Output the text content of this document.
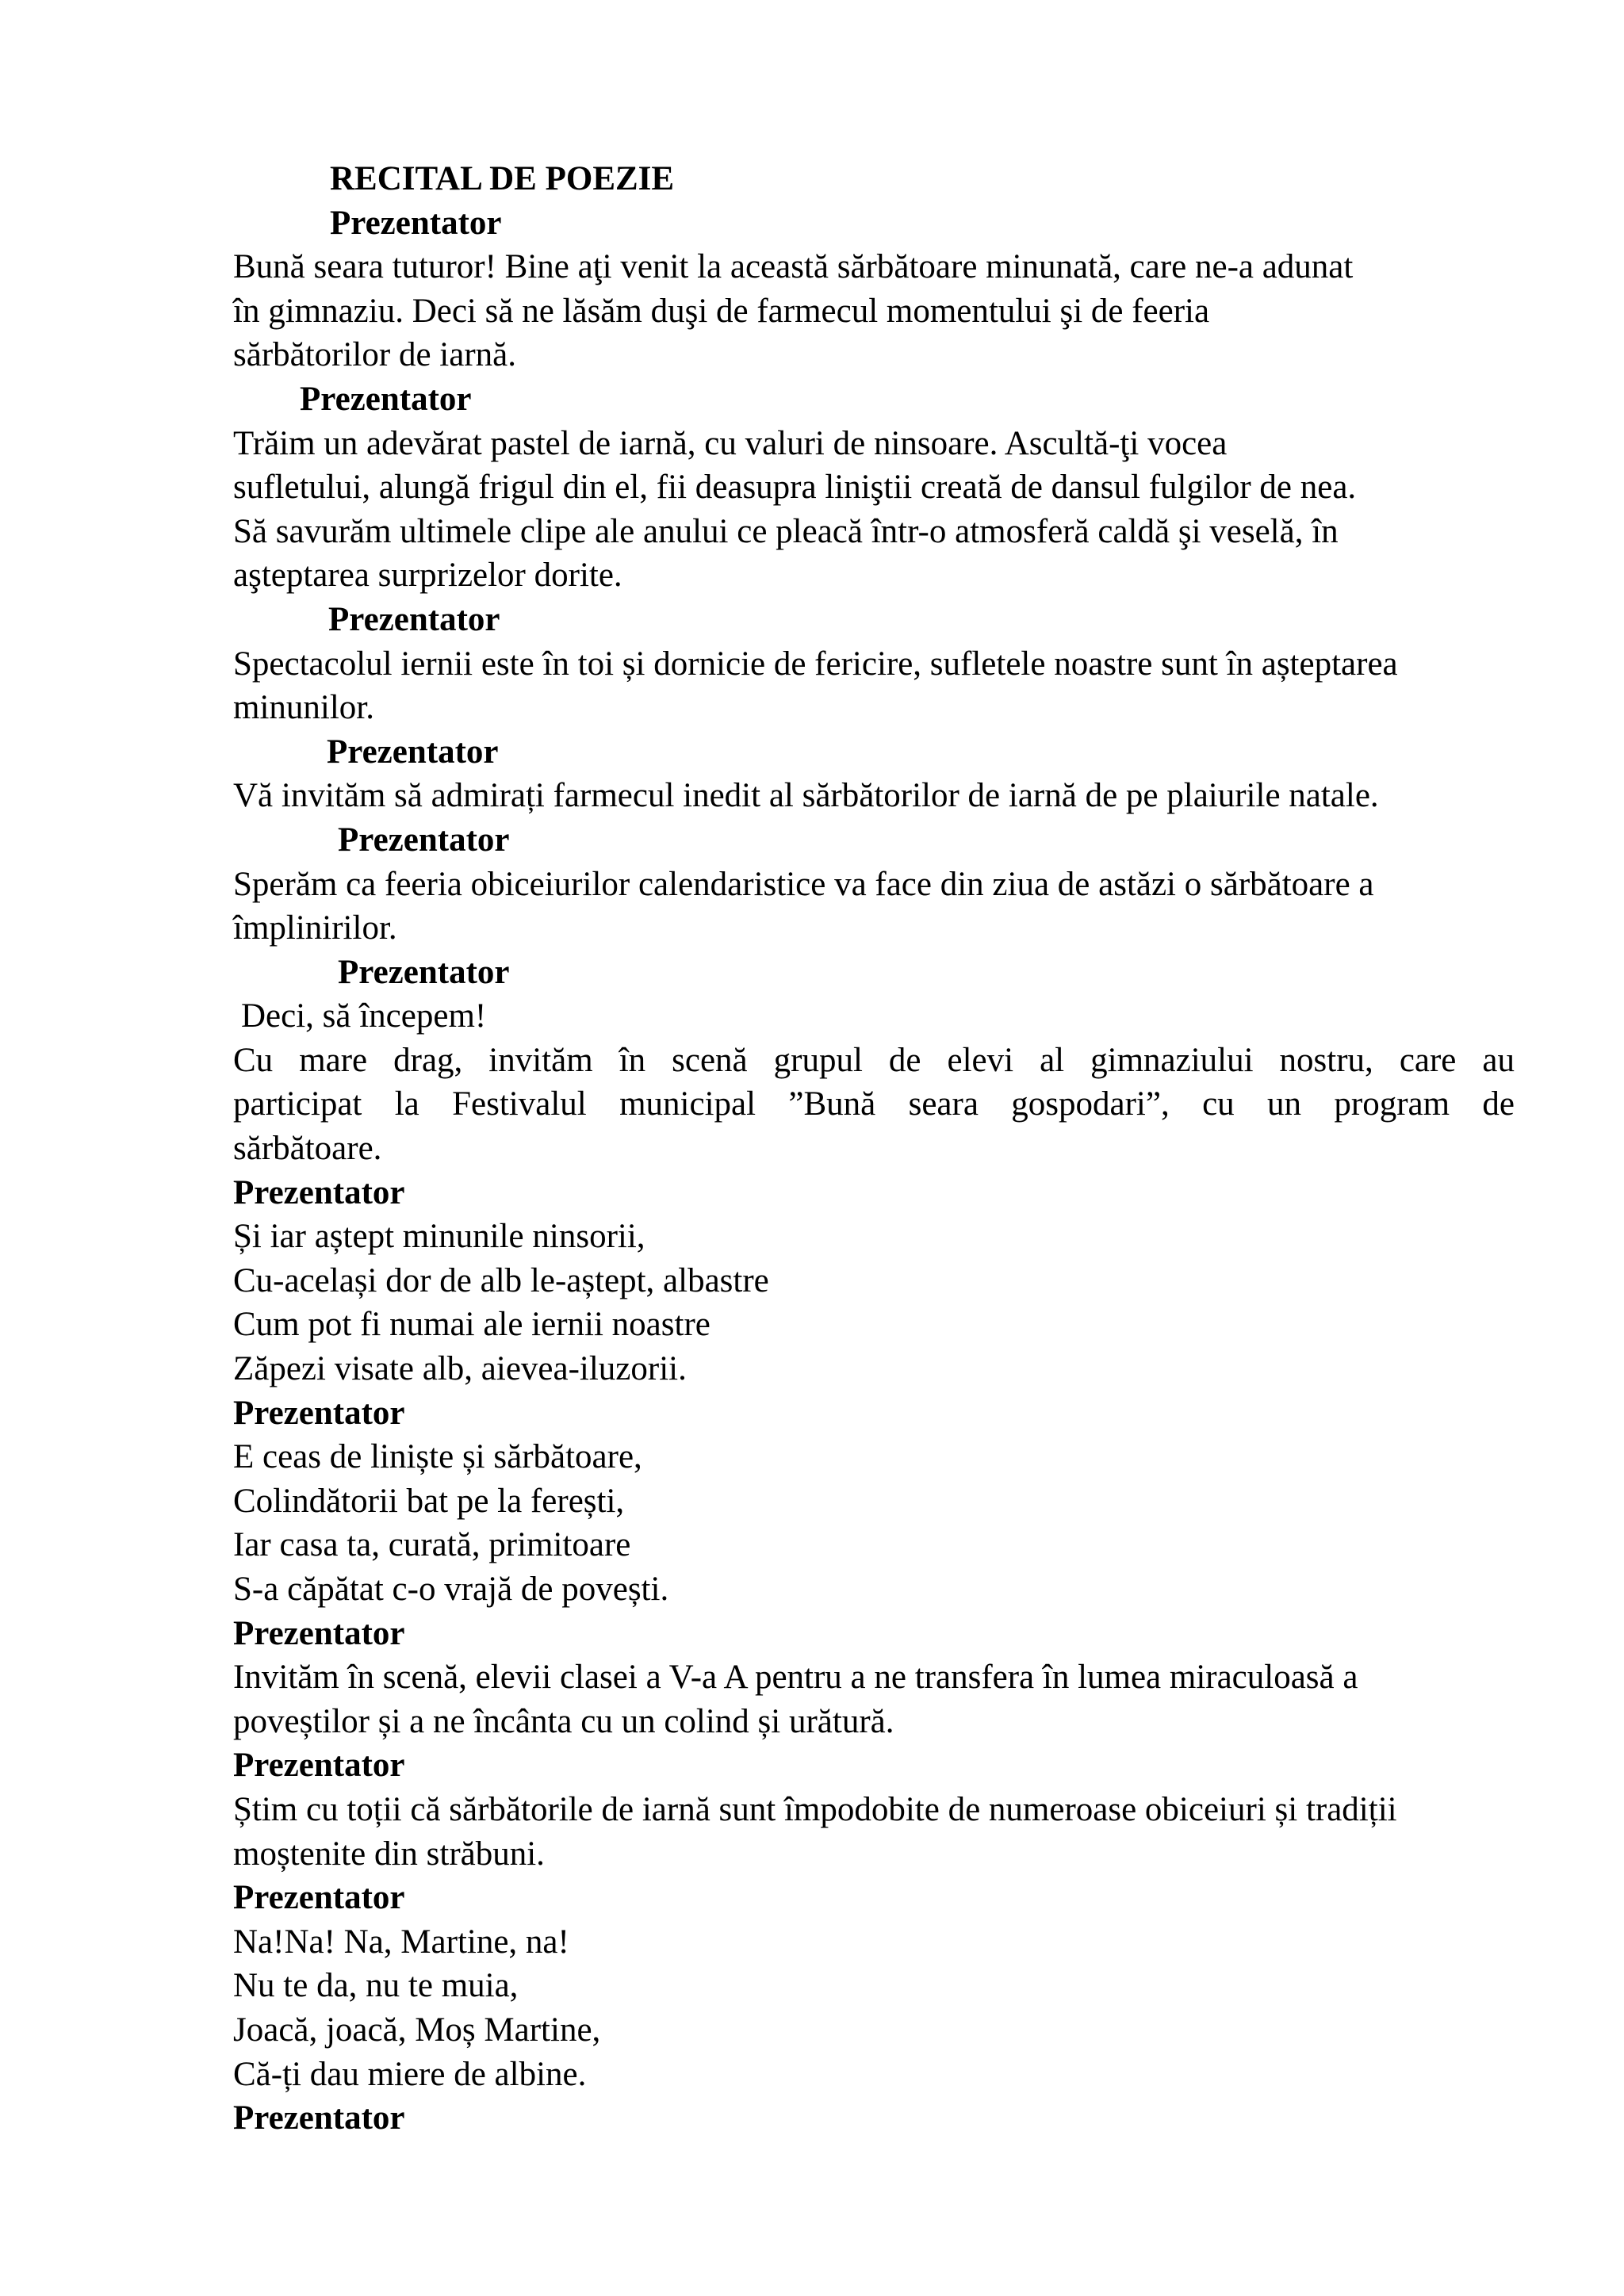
RECITAL DE POEZIE
Prezentator
Bună seara tuturor! Bine aţi venit la această sărbătoare minunată, care ne-a adunat
în gimnaziu. Deci să ne lăsăm duşi de farmecul momentului şi de feeria
sărbătorilor de iarnă.
Prezentator
Trăim un adevărat pastel de iarnă, cu valuri de ninsoare. Ascultă-ţi vocea
sufletului, alungă frigul din el, fii deasupra liniştii creată de dansul fulgilor de nea.
Să savurăm ultimele clipe ale anului ce pleacă într-o atmosferă caldă şi veselă, în
aşteptarea surprizelor dorite.
Prezentator
Spectacolul iernii este în toi și dornicie de fericire, sufletele noastre sunt în așteptarea
minunilor.
Prezentator
Vă invităm să admirați farmecul inedit al sărbătorilor de iarnă de pe plaiurile natale.
Prezentator
Sperăm ca feeria obiceiurilor calendaristice va face din ziua de astăzi o sărbătoare a
împlinirilor.
Prezentator
Deci, să începem!
Cu mare drag, invităm în scenă grupul de elevi al gimnaziului nostru, care au
participat la Festivalul municipal ”Bună seara gospodari”, cu un program de
sărbătoare.
Prezentator
Și iar aștept minunile ninsorii,
Cu-același dor de alb le-aștept, albastre
Cum pot fi numai ale iernii noastre
Zăpezi visate alb, aievea-iluzorii.
Prezentator
E ceas de liniște și sărbătoare,
Colindătorii bat pe la ferești,
Iar casa ta, curată, primitoare
S-a căpătat c-o vrajă de povești.
Prezentator
Invităm în scenă, elevii clasei a V-a A pentru a ne transfera în lumea miraculoasă a
poveștilor și a ne încânta cu un colind și urătură.
Prezentator
Știm cu toții că sărbătorile de iarnă sunt împodobite de numeroase obiceiuri și tradiții
moștenite din străbuni.
Prezentator
Na!Na! Na, Martine, na!
Nu te da, nu te muia,
Joacă, joacă, Moș Martine,
Că-ți dau miere de albine.
Prezentator
